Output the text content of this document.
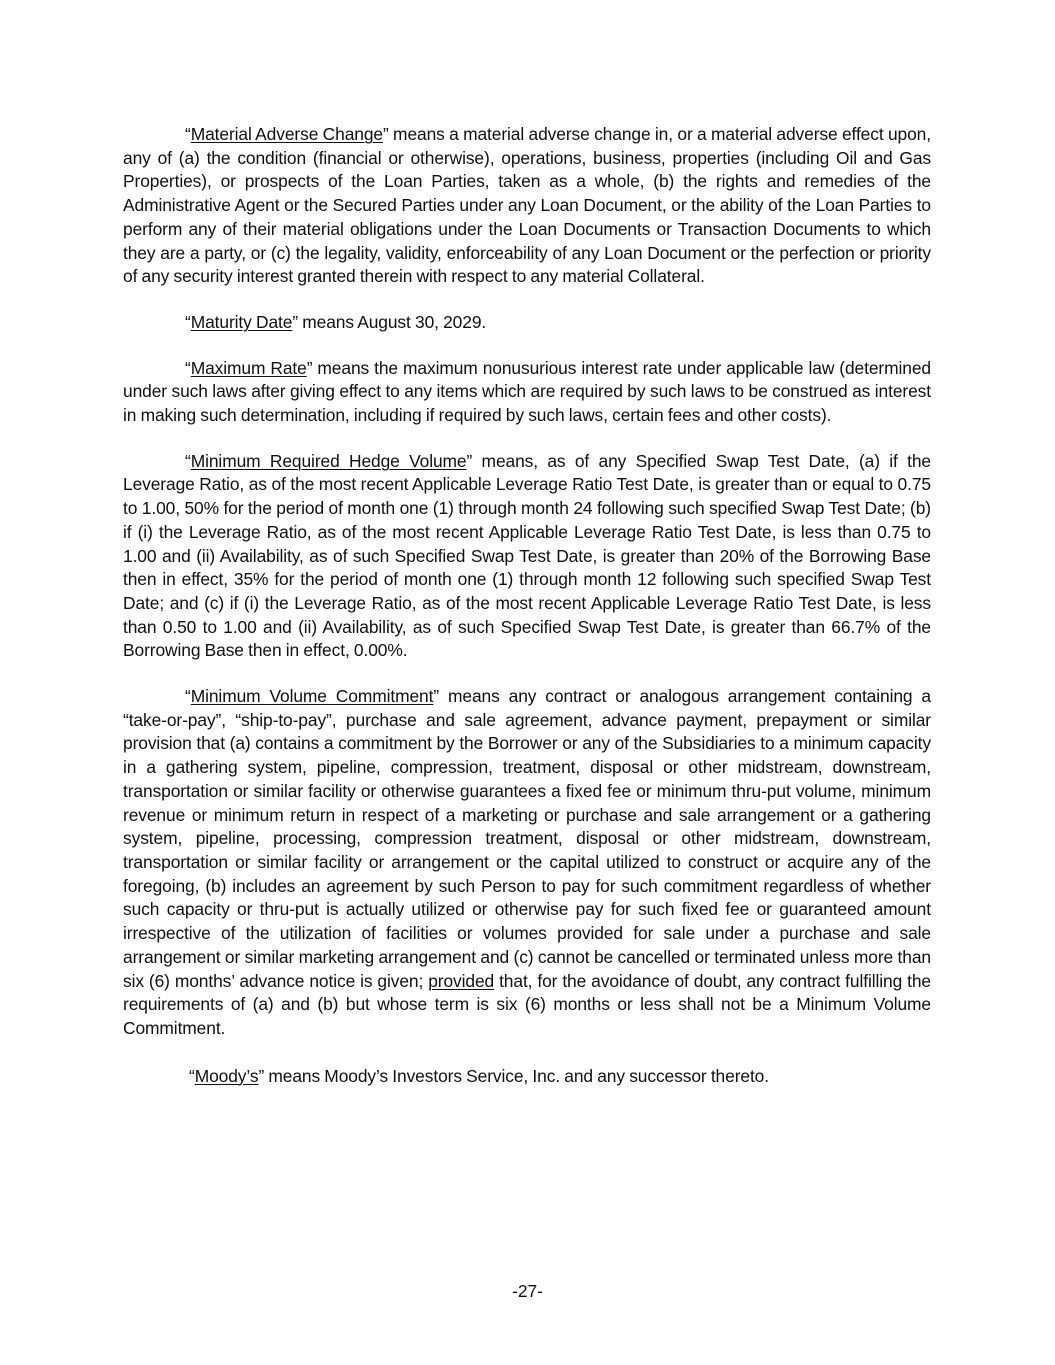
“Material Adverse Change” means a material adverse change in, or a material adverse effect upon, any of (a) the condition (financial or otherwise), operations, business, properties (including Oil and Gas Properties), or prospects of the Loan Parties, taken as a whole, (b) the rights and remedies of the Administrative Agent or the Secured Parties under any Loan Document, or the ability of the Loan Parties to perform any of their material obligations under the Loan Documents or Transaction Documents to which they are a party, or (c) the legality, validity, enforceability of any Loan Document or the perfection or priority of any security interest granted therein with respect to any material Collateral.

“Maturity Date” means August 30, 2029.

“Maximum Rate” means the maximum nonusurious interest rate under applicable law (determined under such laws after giving effect to any items which are required by such laws to be construed as interest in making such determination, including if required by such laws, certain fees and other costs).

“Minimum Required Hedge Volume” means, as of any Specified Swap Test Date, (a) if the Leverage Ratio, as of the most recent Applicable Leverage Ratio Test Date, is greater than or equal to 0.75 to 1.00, 50% for the period of month one (1) through month 24 following such specified Swap Test Date; (b) if (i) the Leverage Ratio, as of the most recent Applicable Leverage Ratio Test Date, is less than 0.75 to 1.00 and (ii) Availability, as of such Specified Swap Test Date, is greater than 20% of the Borrowing Base then in effect, 35% for the period of month one (1) through month 12 following such specified Swap Test Date; and (c) if (i) the Leverage Ratio, as of the most recent Applicable Leverage Ratio Test Date, is less than 0.50 to 1.00 and (ii) Availability, as of such Specified Swap Test Date, is greater than 66.7% of the Borrowing Base then in effect, 0.00%.

“Minimum Volume Commitment” means any contract or analogous arrangement containing a “take-or-pay”, “ship-to-pay”, purchase and sale agreement, advance payment, prepayment or similar provision that (a) contains a commitment by the Borrower or any of the Subsidiaries to a minimum capacity in a gathering system, pipeline, compression, treatment, disposal or other midstream, downstream, transportation or similar facility or otherwise guarantees a fixed fee or minimum thru-put volume, minimum revenue or minimum return in respect of a marketing or purchase and sale arrangement or a gathering system, pipeline, processing, compression treatment, disposal or other midstream, downstream, transportation or similar facility or arrangement or the capital utilized to construct or acquire any of the foregoing, (b) includes an agreement by such Person to pay for such commitment regardless of whether such capacity or thru-put is actually utilized or otherwise pay for such fixed fee or guaranteed amount irrespective of the utilization of facilities or volumes provided for sale under a purchase and sale arrangement or similar marketing arrangement and (c) cannot be cancelled or terminated unless more than six (6) months’ advance notice is given; provided that, for the avoidance of doubt, any contract fulfilling the requirements of (a) and (b) but whose term is six (6) months or less shall not be a Minimum Volume Commitment.

“Moody’s” means Moody’s Investors Service, Inc. and any successor thereto.

-27-
